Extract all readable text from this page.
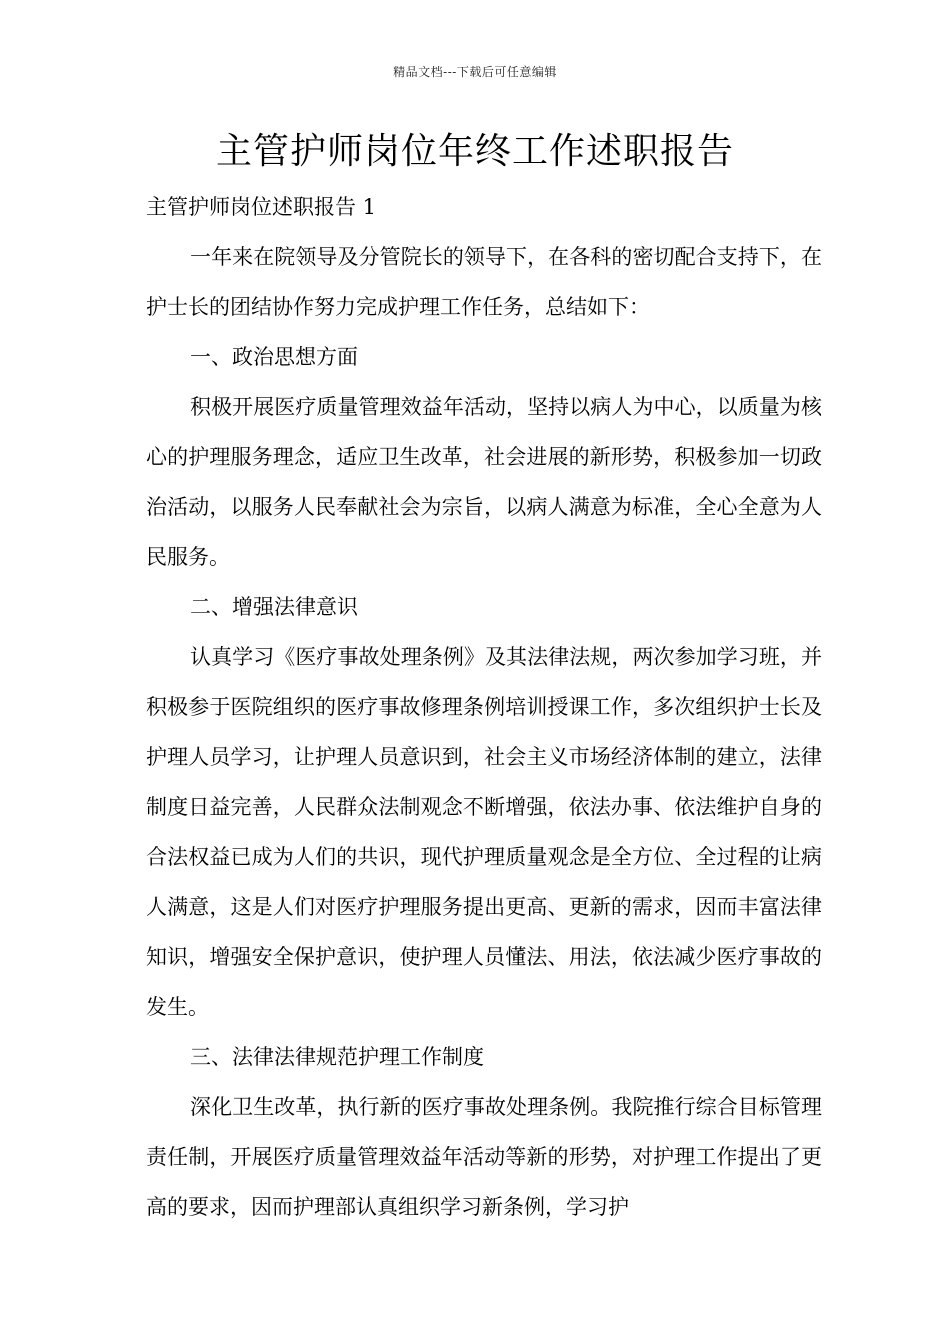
精品文档---下载后可任意编辑
主管护师岗位年终工作述职报告

主管护师岗位述职报告 1

一年来在院领导及分管院长的领导下，在各科的密切配合支持下，在护士长的团结协作努力完成护理工作任务，总结如下：

一、政治思想方面

积极开展医疗质量管理效益年活动，坚持以病人为中心，以质量为核心的护理服务理念，适应卫生改革，社会进展的新形势，积极参加一切政治活动，以服务人民奉献社会为宗旨，以病人满意为标准，全心全意为人民服务。

二、增强法律意识

认真学习《医疗事故处理条例》及其法律法规，两次参加学习班，并积极参于医院组织的医疗事故修理条例培训授课工作，多次组织护士长及护理人员学习，让护理人员意识到，社会主义市场经济体制的建立，法律制度日益完善，人民群众法制观念不断增强，依法办事、依法维护自身的合法权益已成为人们的共识，现代护理质量观念是全方位、全过程的让病人满意，这是人们对医疗护理服务提出更高、更新的需求，因而丰富法律知识，增强安全保护意识，使护理人员懂法、用法，依法减少医疗事故的发生。

三、法律法律规范护理工作制度

深化卫生改革，执行新的医疗事故处理条例。我院推行综合目标管理责任制，开展医疗质量管理效益年活动等新的形势，对护理工作提出了更高的要求，因而护理部认真组织学习新条例，学习护
